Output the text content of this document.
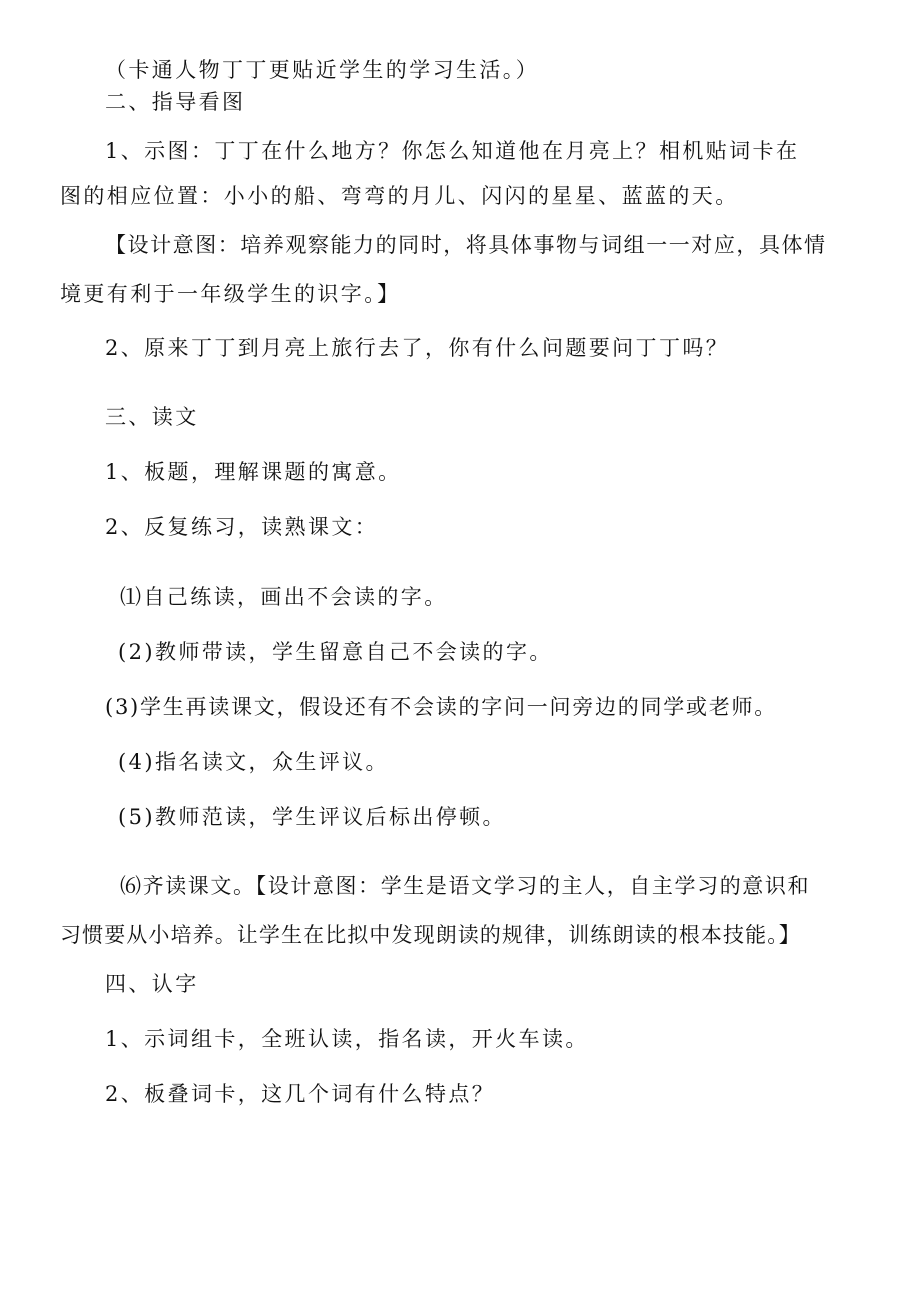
（卡通人物丁丁更贴近学生的学习生活。）
二、指导看图
1、示图：丁丁在什么地方？你怎么知道他在月亮上？相机贴词卡在
图的相应位置：小小的船、弯弯的月儿、闪闪的星星、蓝蓝的天。
【设计意图：培养观察能力的同时，将具体事物与词组一一对应，具体情
境更有利于一年级学生的识字。】
2、原来丁丁到月亮上旅行去了，你有什么问题要问丁丁吗？
三、读文
1、板题，理解课题的寓意。
2、反复练习，读熟课文：
⑴自己练读，画出不会读的字。
(2)教师带读，学生留意自己不会读的字。
(3)学生再读课文，假设还有不会读的字问一问旁边的同学或老师。
(4)指名读文，众生评议。
(5)教师范读，学生评议后标出停顿。
⑹齐读课文。【设计意图：学生是语文学习的主人，自主学习的意识和
习惯要从小培养。让学生在比拟中发现朗读的规律，训练朗读的根本技能。】
四、认字
1、示词组卡，全班认读，指名读，开火车读。
2、板叠词卡，这几个词有什么特点？
